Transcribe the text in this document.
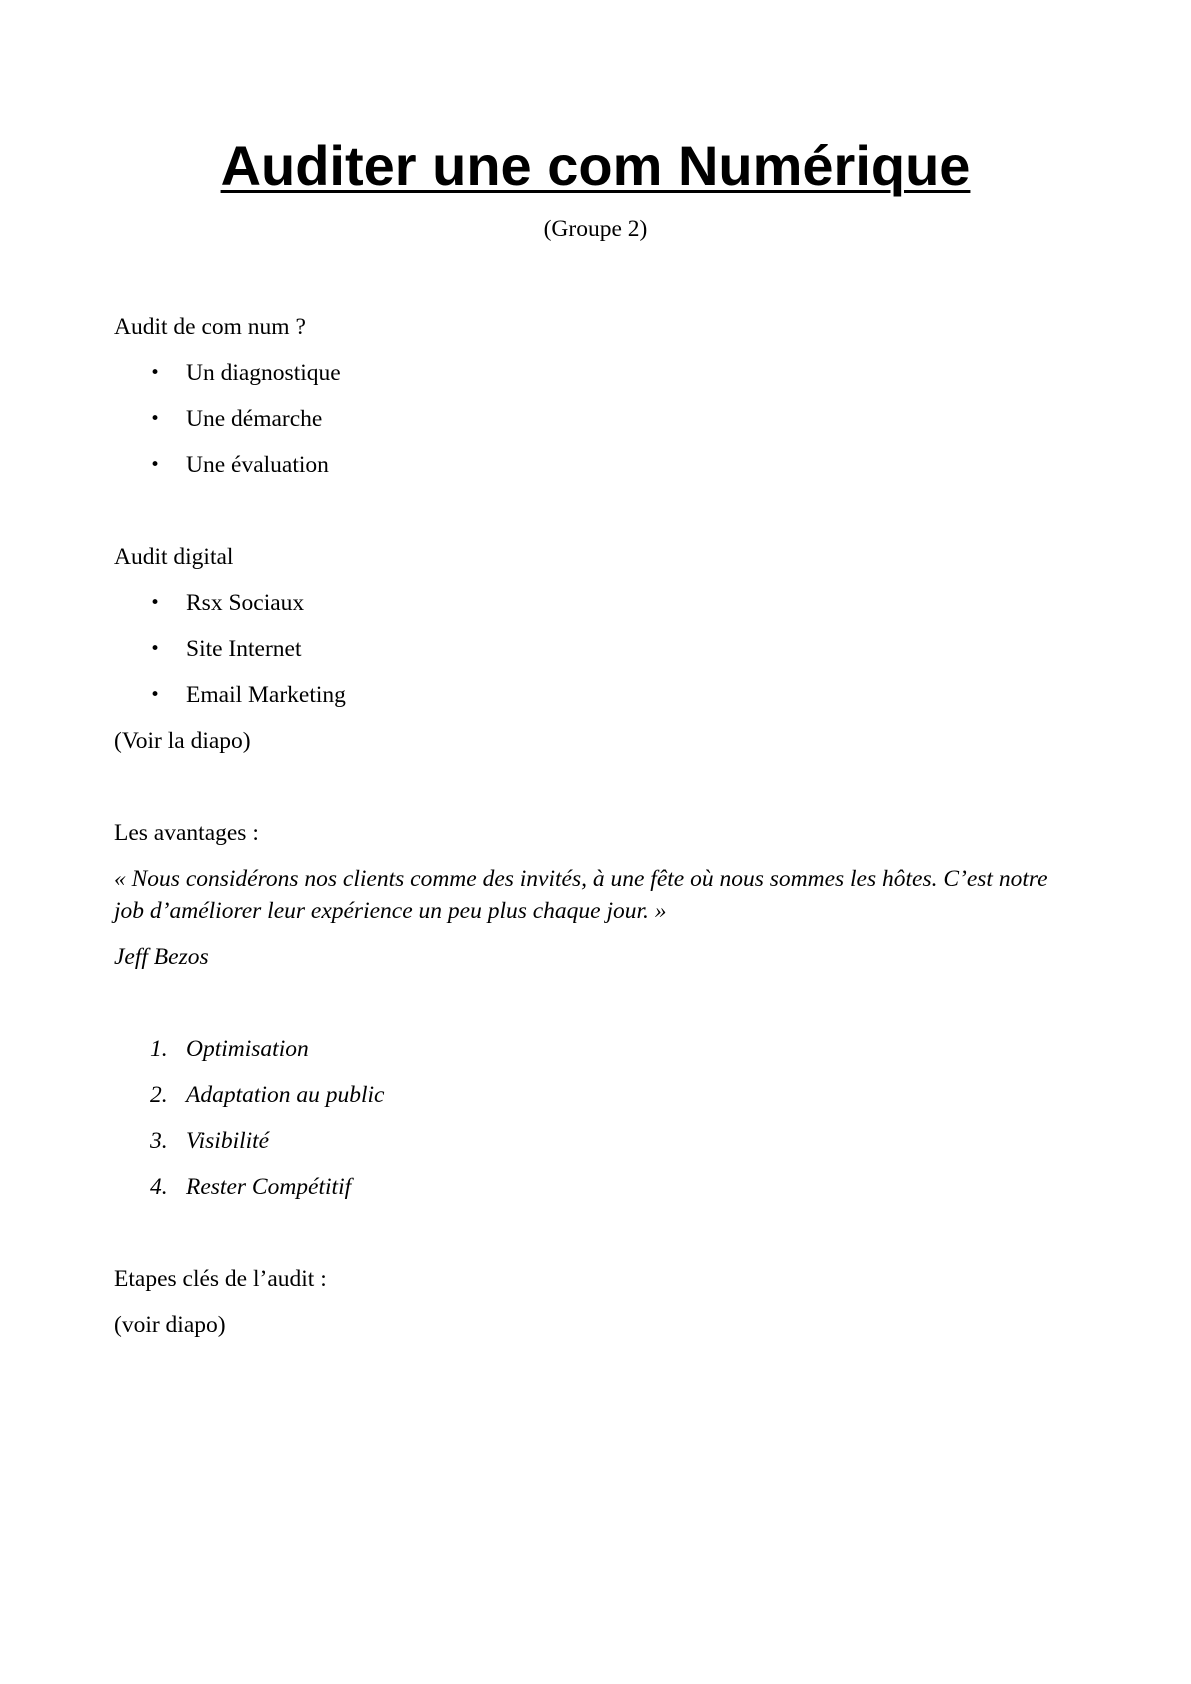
Auditer une com Numérique
(Groupe 2)
Audit de com num ?
• Un diagnostique
• Une démarche
• Une évaluation
Audit digital
• Rsx Sociaux
• Site Internet
• Email Marketing
(Voir la diapo)
Les avantages :
« Nous considérons nos clients comme des invités, à une fête où nous sommes les hôtes. C’est notre job d’améliorer leur expérience un peu plus chaque jour. »
Jeff Bezos
1. Optimisation
2. Adaptation au public
3. Visibilité
4. Rester Compétitif
Etapes clés de l’audit :
(voir diapo)
